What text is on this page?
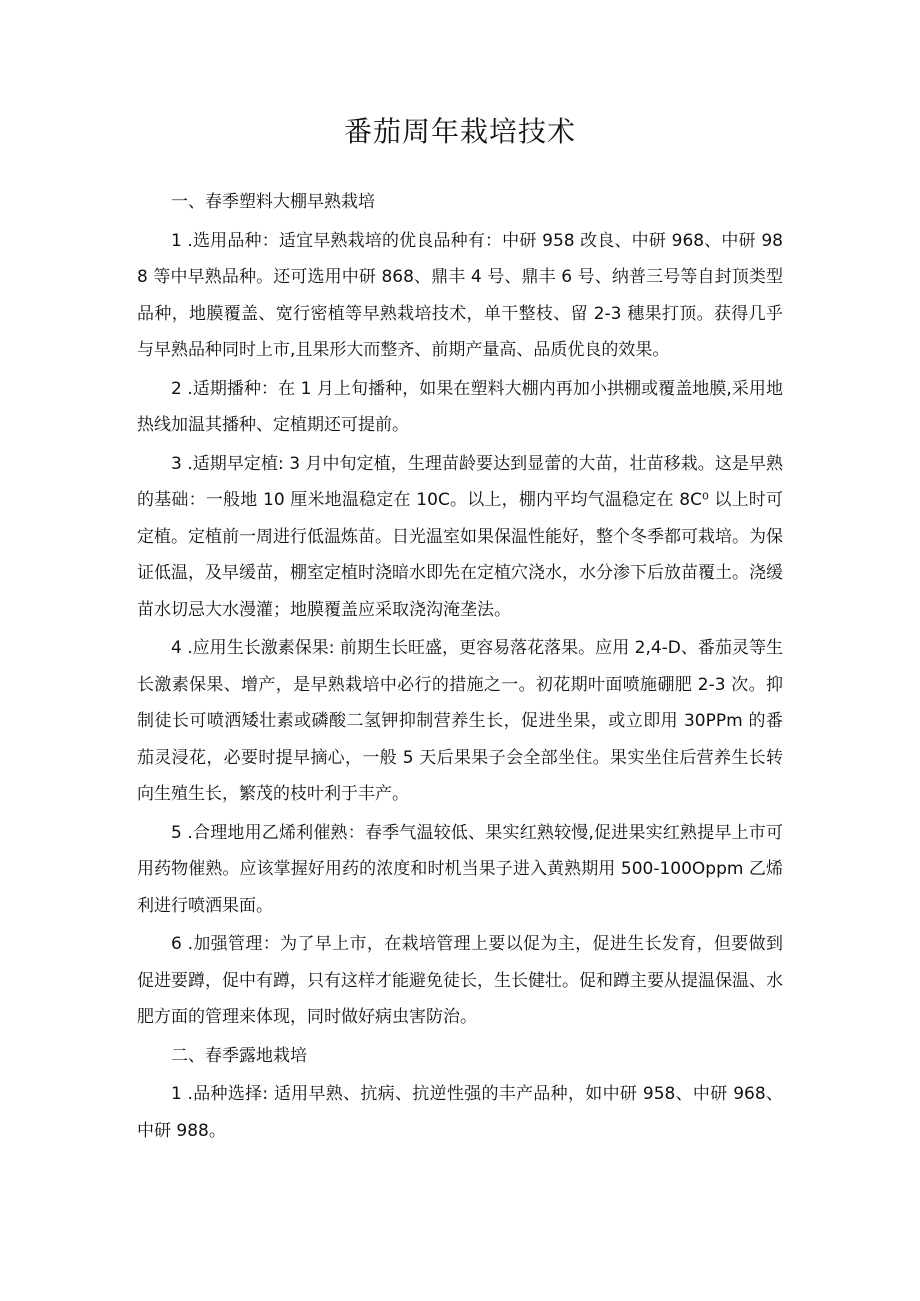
番茄周年栽培技术

一、春季塑料大棚早熟栽培

1 .选用品种：适宜早熟栽培的优良品种有：中研 958 改良、中研 968、中研 988 等中早熟品种。还可选用中研 868、鼎丰 4 号、鼎丰 6 号、纳普三号等自封顶类型品种，地膜覆盖、宽行密植等早熟栽培技术，单干整枝、留 2-3 穗果打顶。获得几乎与早熟品种同时上市,且果形大而整齐、前期产量高、品质优良的效果。

2 .适期播种：在 1 月上旬播种，如果在塑料大棚内再加小拱棚或覆盖地膜,采用地热线加温其播种、定植期还可提前。

3 .适期早定植: 3 月中旬定植，生理苗龄要达到显蕾的大苗，壮苗移栽。这是早熟的基础：一般地 10 厘米地温稳定在 10C。以上，棚内平均气温稳定在 8C⁰ 以上时可定植。定植前一周进行低温炼苗。日光温室如果保温性能好，整个冬季都可栽培。为保证低温，及早缓苗，棚室定植时浇暗水即先在定植穴浇水，水分渗下后放苗覆土。浇缓苗水切忌大水漫灌；地膜覆盖应采取浇沟淹垄法。

4 .应用生长激素保果: 前期生长旺盛，更容易落花落果。应用 2,4-D、番茄灵等生长激素保果、增产，是早熟栽培中必行的措施之一。初花期叶面喷施硼肥 2-3 次。抑制徒长可喷洒矮壮素或磷酸二氢钾抑制营养生长，促进坐果，或立即用 30PPm 的番茄灵浸花，必要时提早摘心，一般 5 天后果果子会全部坐住。果实坐住后营养生长转向生殖生长，繁茂的枝叶利于丰产。

5 .合理地用乙烯利催熟：春季气温较低、果实红熟较慢,促进果实红熟提早上市可用药物催熟。应该掌握好用药的浓度和时机当果子进入黄熟期用 500-100Oppm 乙烯利进行喷洒果面。

6 .加强管理：为了早上市，在栽培管理上要以促为主，促进生长发育，但要做到促进要蹲，促中有蹲，只有这样才能避免徒长，生长健壮。促和蹲主要从提温保温、水肥方面的管理来体现，同时做好病虫害防治。

二、春季露地栽培

1 .品种选择: 适用早熟、抗病、抗逆性强的丰产品种，如中研 958、中研 968、中研 988。
